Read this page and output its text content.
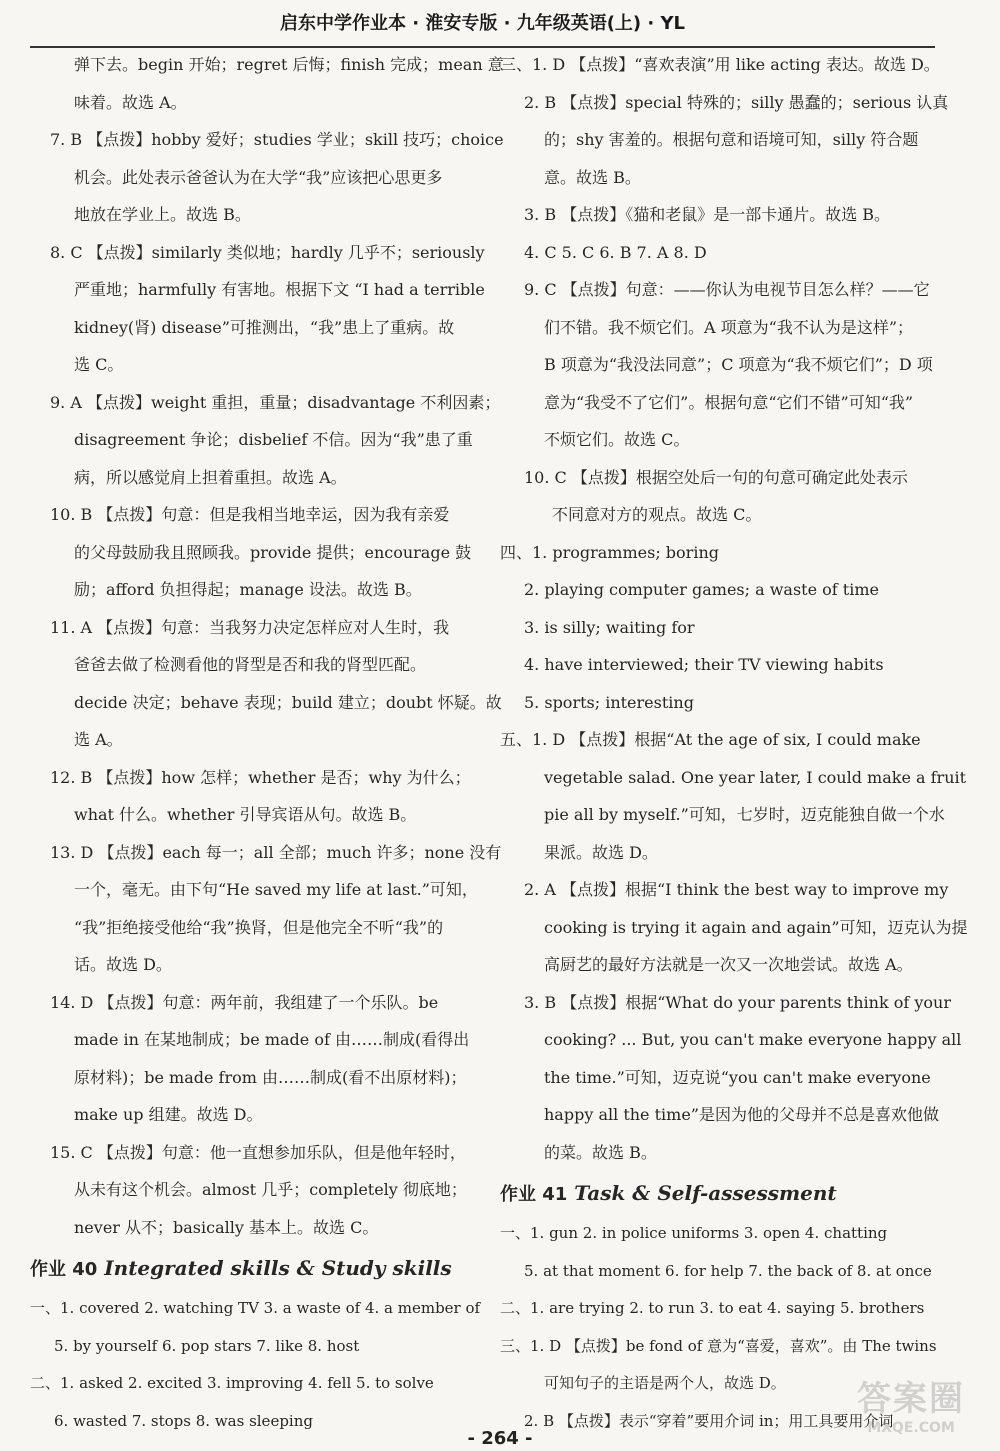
启东中学作业本 · 淮安专版 · 九年级英语(上) · YL
弹下去。begin 开始；regret 后悔；finish 完成；mean 意
味着。故选 A。
7. B 【点拨】hobby 爱好；studies 学业；skill 技巧；choice
机会。此处表示爸爸认为在大学“我”应该把心思更多
地放在学业上。故选 B。
8. C 【点拨】similarly 类似地；hardly 几乎不；seriously
严重地；harmfully 有害地。根据下文 “I had a terrible
kidney(肾) disease”可推测出，“我”患上了重病。故
选 C。
9. A 【点拨】weight 重担，重量；disadvantage 不利因素；
disagreement 争论；disbelief 不信。因为“我”患了重
病，所以感觉肩上担着重担。故选 A。
10. B 【点拨】句意：但是我相当地幸运，因为我有亲爱
的父母鼓励我且照顾我。provide 提供；encourage 鼓
励；afford 负担得起；manage 设法。故选 B。
11. A 【点拨】句意：当我努力决定怎样应对人生时，我
爸爸去做了检测看他的肾型是否和我的肾型匹配。
decide 决定；behave 表现；build 建立；doubt 怀疑。故
选 A。
12. B 【点拨】how 怎样；whether 是否；why 为什么；
what 什么。whether 引导宾语从句。故选 B。
13. D 【点拨】each 每一；all 全部；much 许多；none 没有
一个，毫无。由下句“He saved my life at last.”可知，
“我”拒绝接受他给“我”换肾，但是他完全不听“我”的
话。故选 D。
14. D 【点拨】句意：两年前，我组建了一个乐队。be
made in 在某地制成；be made of 由……制成(看得出
原材料)；be made from 由……制成(看不出原材料)；
make up 组建。故选 D。
15. C 【点拨】句意：他一直想参加乐队，但是他年轻时，
从未有这个机会。almost 几乎；completely 彻底地；
never 从不；basically 基本上。故选 C。
作业 40 Integrated skills & Study skills
一、1. covered 2. watching TV 3. a waste of 4. a member of
5. by yourself 6. pop stars 7. like 8. host
二、1. asked 2. excited 3. improving 4. fell 5. to solve
6. wasted 7. stops 8. was sleeping
三、1. D 【点拨】“喜欢表演”用 like acting 表达。故选 D。
2. B 【点拨】special 特殊的；silly 愚蠢的；serious 认真
的；shy 害羞的。根据句意和语境可知，silly 符合题
意。故选 B。
3. B 【点拨】《猫和老鼠》是一部卡通片。故选 B。
4. C 5. C 6. B 7. A 8. D
9. C 【点拨】句意：——你认为电视节目怎么样？——它
们不错。我不烦它们。A 项意为“我不认为是这样”；
B 项意为“我没法同意”；C 项意为“我不烦它们”；D 项
意为“我受不了它们”。根据句意“它们不错”可知“我”
不烦它们。故选 C。
10. C 【点拨】根据空处后一句的句意可确定此处表示
不同意对方的观点。故选 C。
四、1. programmes; boring
2. playing computer games; a waste of time
3. is silly; waiting for
4. have interviewed; their TV viewing habits
5. sports; interesting
五、1. D 【点拨】根据“At the age of six, I could make
vegetable salad. One year later, I could make a fruit
pie all by myself.”可知，七岁时，迈克能独自做一个水
果派。故选 D。
2. A 【点拨】根据“I think the best way to improve my
cooking is trying it again and again”可知，迈克认为提
高厨艺的最好方法就是一次又一次地尝试。故选 A。
3. B 【点拨】根据“What do your parents think of your
cooking? ... But, you can't make everyone happy all
the time.”可知，迈克说“you can't make everyone
happy all the time”是因为他的父母并不总是喜欢他做
的菜。故选 B。
作业 41 Task & Self-assessment
一、1. gun 2. in police uniforms 3. open 4. chatting
5. at that moment 6. for help 7. the back of 8. at once
二、1. are trying 2. to run 3. to eat 4. saying 5. brothers
三、1. D 【点拨】be fond of 意为“喜爱，喜欢”。由 The twins
可知句子的主语是两个人，故选 D。
2. B 【点拨】表示“穿着”要用介词 in；用工具要用介词
- 264 -
答案圈
MXQE.COM
